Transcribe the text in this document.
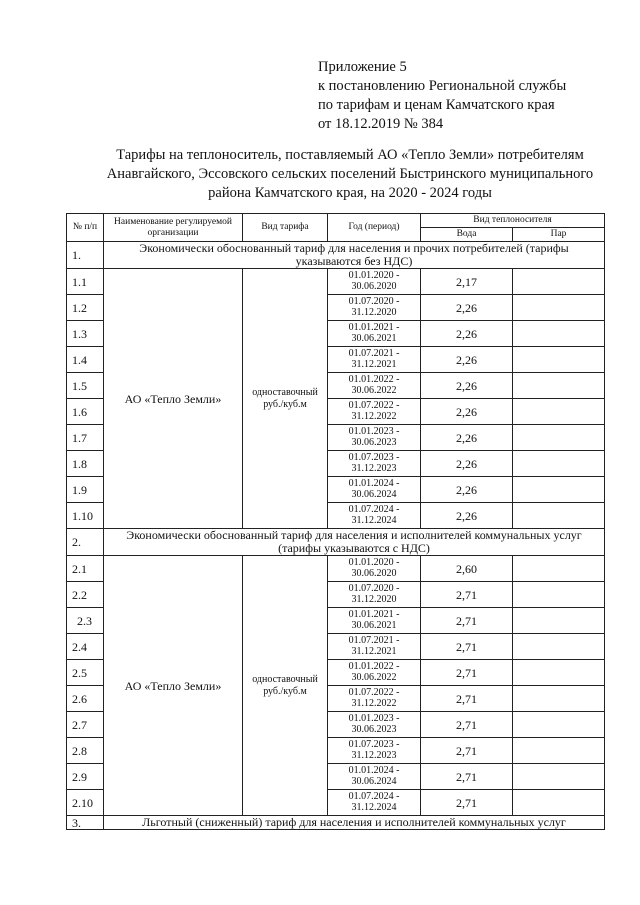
Приложение 5
к постановлению Региональной службы
по тарифам и ценам Камчатского края
от 18.12.2019 № 384
Тарифы на теплоноситель, поставляемый АО «Тепло Земли» потребителям Анавгайского, Эссовского сельских поселений Быстринского муниципального района Камчатского края, на 2020 - 2024 годы
№ п/п	Наименование регулируемой организации	Вид тарифа	Год (период)	Вид теплоносителя	
				Вода	Пар
1.	Экономически обоснованный тариф для населения и прочих потребителей (тарифы указываются без НДС)				
1.1	АО «Тепло Земли»	одноставочный руб./куб.м	01.01.2020 - 30.06.2020	2,17	
1.2			01.07.2020 - 31.12.2020	2,26	
1.3			01.01.2021 - 30.06.2021	2,26	
1.4			01.07.2021 - 31.12.2021	2,26	
1.5			01.01.2022 - 30.06.2022	2,26	
1.6			01.07.2022 - 31.12.2022	2,26	
1.7			01.01.2023 - 30.06.2023	2,26	
1.8			01.07.2023 - 31.12.2023	2,26	
1.9			01.01.2024 - 30.06.2024	2,26	
1.10			01.07.2024 - 31.12.2024	2,26	
2.	Экономически обоснованный тариф для населения и исполнителей коммунальных услуг (тарифы указываются с НДС)				
2.1	АО «Тепло Земли»	одноставочный руб./куб.м	01.01.2020 - 30.06.2020	2,60	
2.2			01.07.2020 - 31.12.2020	2,71	
2.3			01.01.2021 - 30.06.2021	2,71	
2.4			01.07.2021 - 31.12.2021	2,71	
2.5			01.01.2022 - 30.06.2022	2,71	
2.6			01.07.2022 - 31.12.2022	2,71	
2.7			01.01.2023 - 30.06.2023	2,71	
2.8			01.07.2023 - 31.12.2023	2,71	
2.9			01.01.2024 - 30.06.2024	2,71	
2.10			01.07.2024 - 31.12.2024	2,71	
3.	Льготный (сниженный) тариф для населения и исполнителей коммунальных услуг				
